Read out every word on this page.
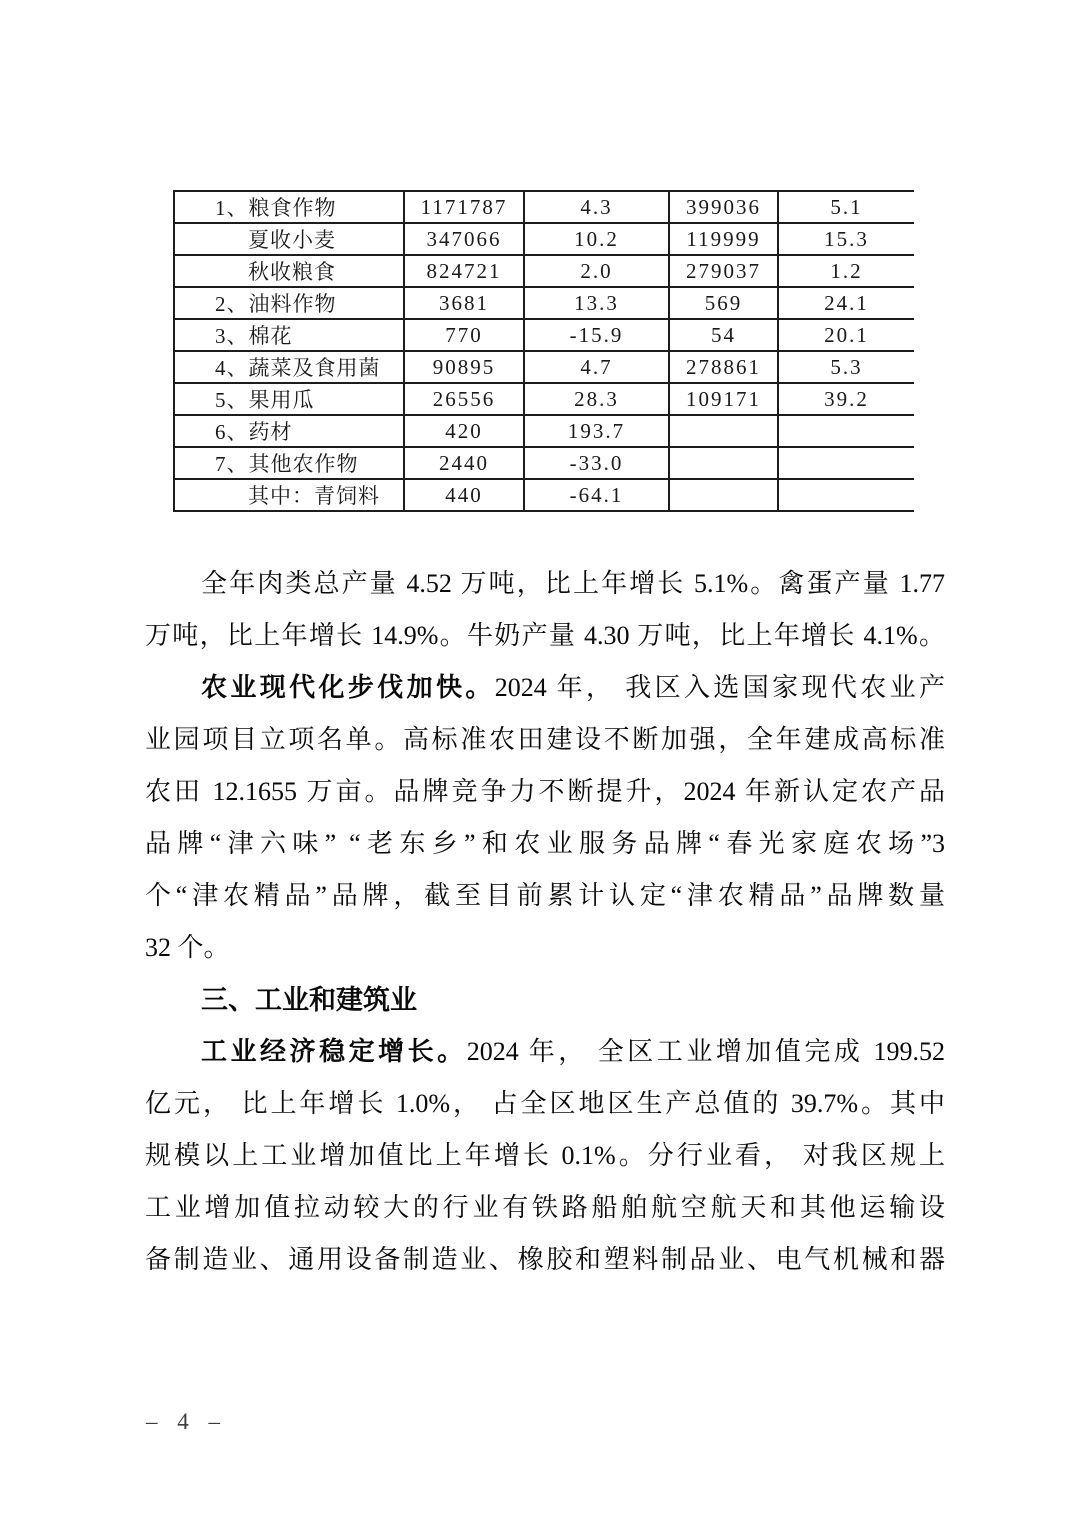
1、粮食作物	1171787	4.3	399036	5.1
夏收小麦	347066	10.2	119999	15.3
秋收粮食	824721	2.0	279037	1.2
2、油料作物	3681	13.3	569	24.1
3、棉花	770	-15.9	54	20.1
4、蔬菜及食用菌	90895	4.7	278861	5.3
5、果用瓜	26556	28.3	109171	39.2
6、药材	420	193.7		
7、其他农作物	2440	-33.0		
其中：青饲料	440	-64.1		
全年肉类总产量 4.52 万吨，比上年增长 5.1%。禽蛋产量 1.77
万吨，比上年增长 14.9%。牛奶产量 4.30 万吨，比上年增长 4.1%。
农业现代化步伐加快。2024 年， 我区入选国家现代农业产
业园项目立项名单。高标准农田建设不断加强，全年建成高标准
农田 12.1655 万亩。品牌竞争力不断提升，2024 年新认定农产品
品牌“津六味” “老东乡”和农业服务品牌“春光家庭农场”3
个“津农精品”品牌，截至目前累计认定“津农精品”品牌数量
32 个。
三、工业和建筑业
工业经济稳定增长。2024 年， 全区工业增加值完成 199.52
亿元， 比上年增长 1.0%， 占全区地区生产总值的 39.7%。其中
规模以上工业增加值比上年增长 0.1%。分行业看， 对我区规上
工业增加值拉动较大的行业有铁路船舶航空航天和其他运输设
备制造业、通用设备制造业、橡胶和塑料制品业、电气机械和器
– 4 –
